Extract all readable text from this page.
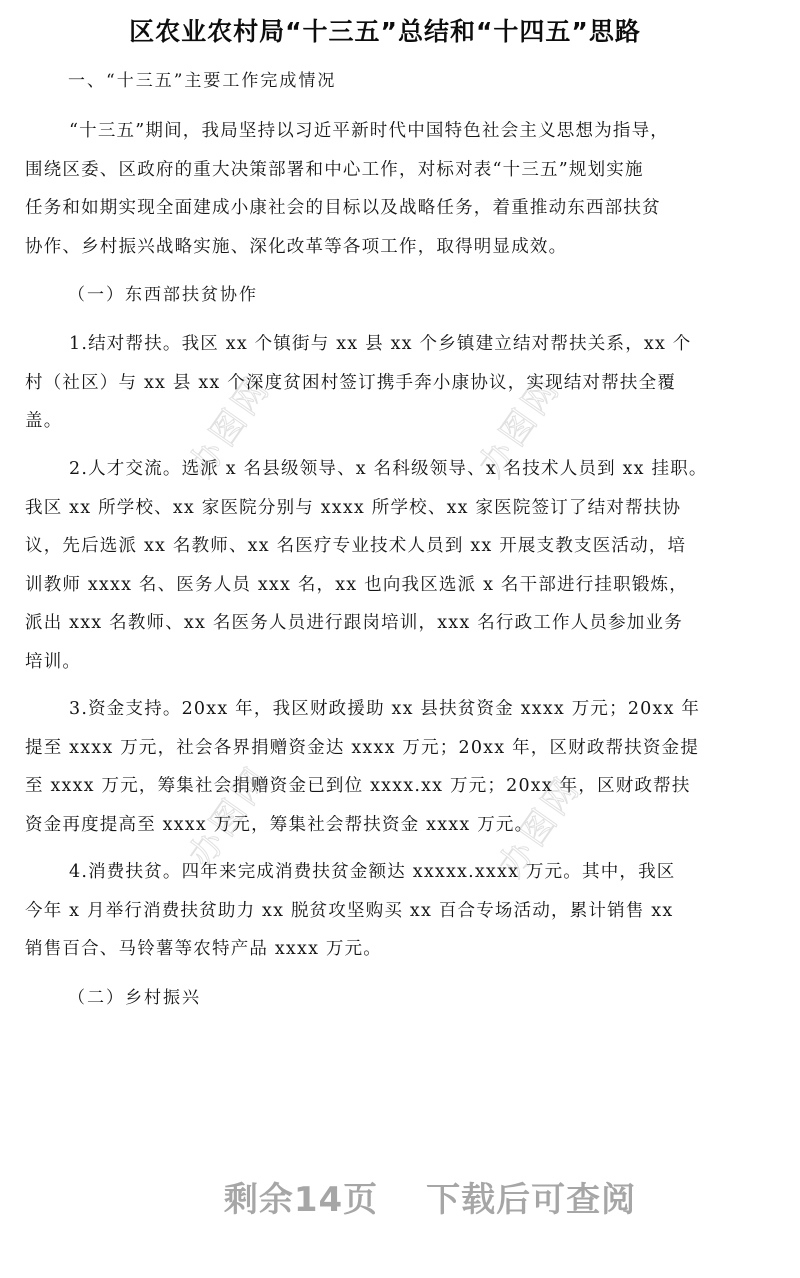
办图网	办图网
办图网	办图网
区农业农村局“十三五”总结和“十四五”思路
一、“十三五”主要工作完成情况
“十三五”期间，我局坚持以习近平新时代中国特色社会主义思想为指导，
围绕区委、区政府的重大决策部署和中心工作，对标对表“十三五”规划实施
任务和如期实现全面建成小康社会的目标以及战略任务，着重推动东西部扶贫
协作、乡村振兴战略实施、深化改革等各项工作，取得明显成效。
（一）东西部扶贫协作
1.结对帮扶。我区 xx 个镇街与 xx 县 xx 个乡镇建立结对帮扶关系，xx 个
村（社区）与 xx 县 xx 个深度贫困村签订携手奔小康协议，实现结对帮扶全覆
盖。
2.人才交流。选派 x 名县级领导、x 名科级领导、x 名技术人员到 xx 挂职。
我区 xx 所学校、xx 家医院分别与 xxxx 所学校、xx 家医院签订了结对帮扶协
议，先后选派 xx 名教师、xx 名医疗专业技术人员到 xx 开展支教支医活动，培
训教师 xxxx 名、医务人员 xxx 名，xx 也向我区选派 x 名干部进行挂职锻炼，
派出 xxx 名教师、xx 名医务人员进行跟岗培训，xxx 名行政工作人员参加业务
培训。
3.资金支持。20xx 年，我区财政援助 xx 县扶贫资金 xxxx 万元；20xx 年
提至 xxxx 万元，社会各界捐赠资金达 xxxx 万元；20xx 年，区财政帮扶资金提
至 xxxx 万元，筹集社会捐赠资金已到位 xxxx.xx 万元；20xx 年，区财政帮扶
资金再度提高至 xxxx 万元，筹集社会帮扶资金 xxxx 万元。
4.消费扶贫。四年来完成消费扶贫金额达 xxxxx.xxxx 万元。其中，我区
今年 x 月举行消费扶贫助力 xx 脱贫攻坚购买 xx 百合专场活动，累计销售 xx
销售百合、马铃薯等农特产品 xxxx 万元。
（二）乡村振兴
剩余14页 下载后可查阅
